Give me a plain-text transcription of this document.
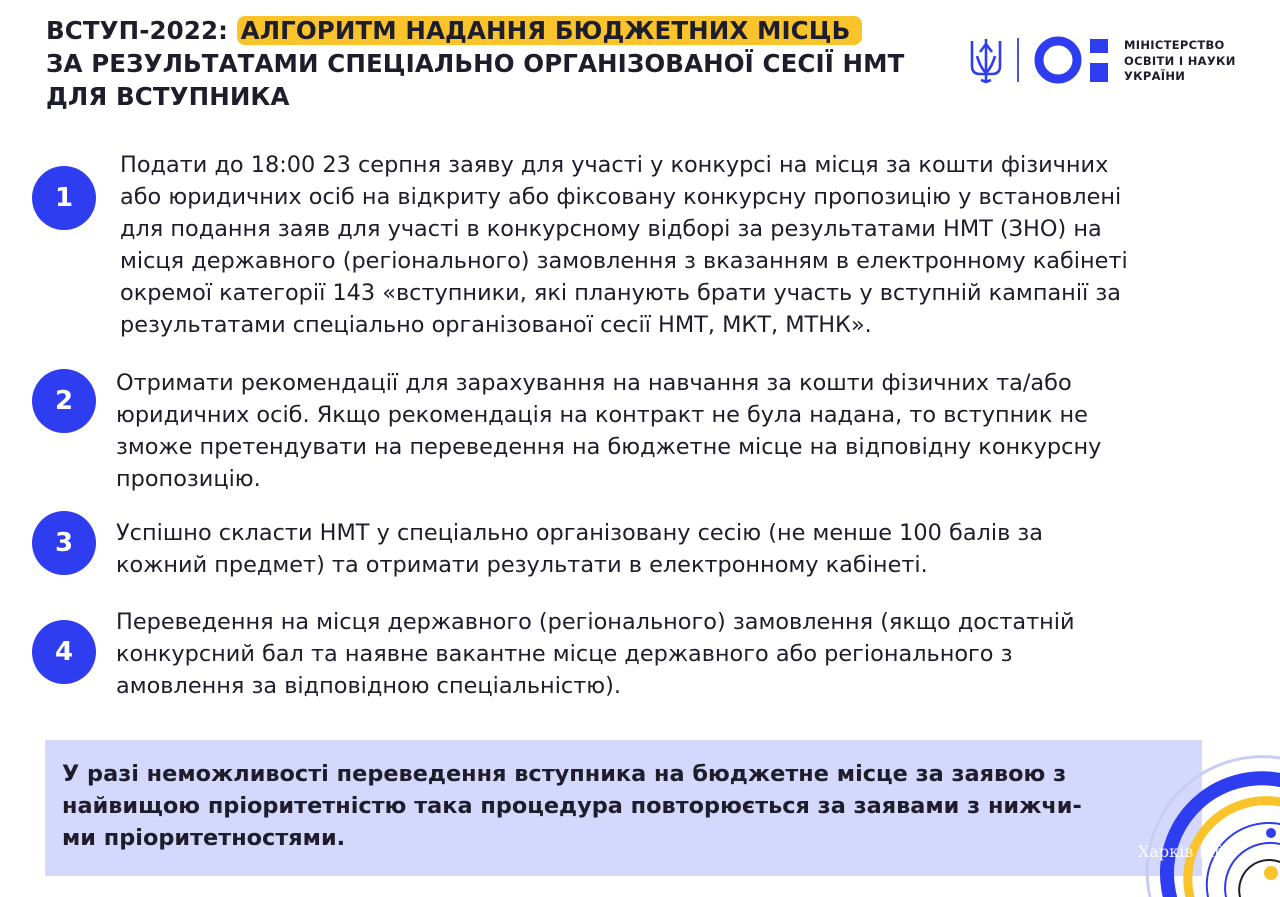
ВСТУП-2022: АЛГОРИТМ НАДАННЯ БЮДЖЕТНИХ МІСЦЬ
ЗА РЕЗУЛЬТАТАМИ СПЕЦІАЛЬНО ОРГАНІЗОВАНОЇ СЕСІЇ НМТ
ДЛЯ ВСТУПНИКА
МІНІСТЕРСТВО
ОСВІТИ І НАУКИ
УКРАЇНИ
1
Подати до 18:00 23 серпня заяву для участі у конкурсі на місця за кошти фізичних
або юридичних осіб на відкриту або фіксовану конкурсну пропозицію у встановлені
для подання заяв для участі в конкурсному відборі за результатами НМТ (ЗНО) на
місця державного (регіонального) замовлення з вказанням в електронному кабінеті
окремої категорії 143 «вступники, які планують брати участь у вступній кампанії за
результатами спеціально організованої сесії НМТ, МКТ, МТНК».
2
Отримати рекомендації для зарахування на навчання за кошти фізичних та/або
юридичних осіб. Якщо рекомендація на контракт не була надана, то вступник не
зможе претендувати на переведення на бюджетне місце на відповідну конкурсну
пропозицію.
3	Успішно скласти НМТ у спеціально організовану сесію (не менше 100 балів за
кожний предмет) та отримати результати в електронному кабінеті.
4
Переведення на місця державного (регіонального) замовлення (якщо достатній
конкурсний бал та наявне вакантне місце державного або регіонального з
амовлення за відповідною спеціальністю).
У разі неможливості переведення вступника на бюджетне місце за заявою з
найвищою пріоритетністю така процедура повторюється за заявами з нижчи-
ми пріоритетностями.
Харків Life
